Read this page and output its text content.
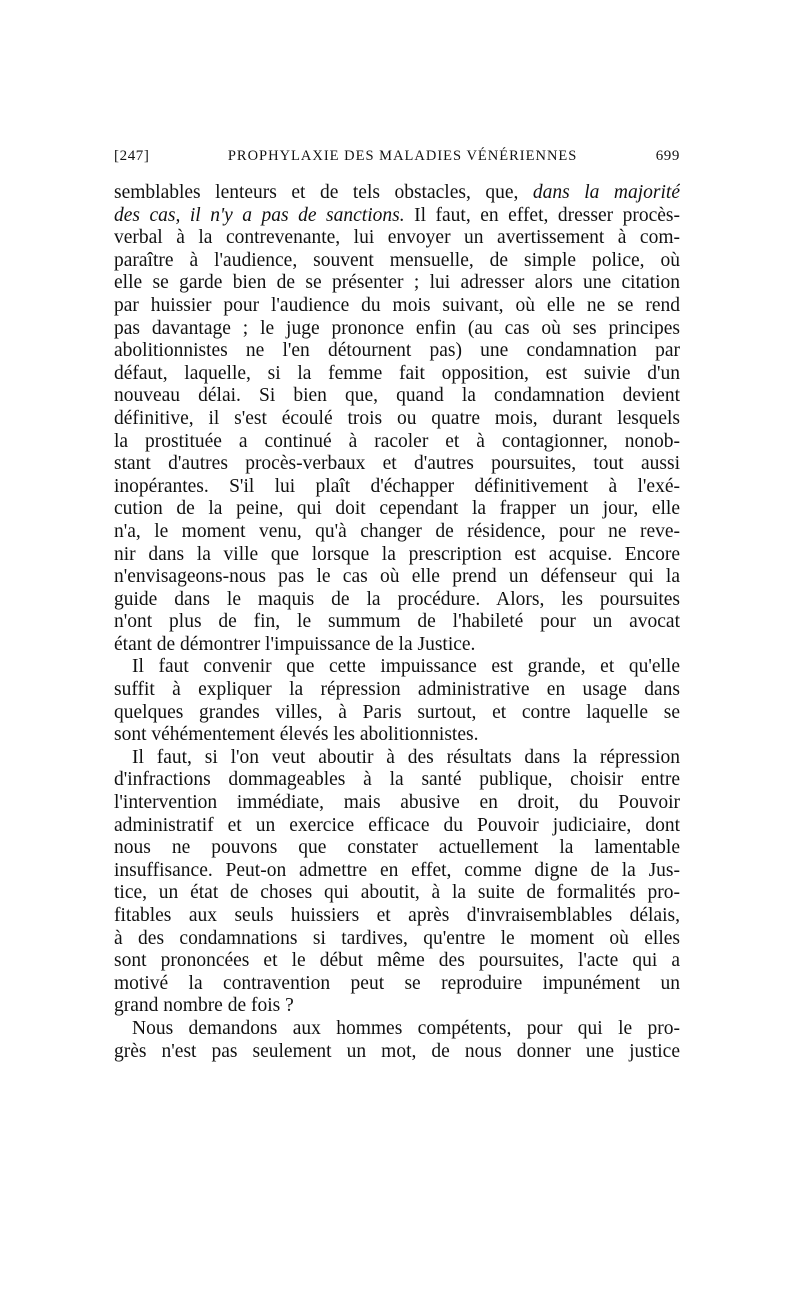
[247]	PROPHYLAXIE DES MALADIES VÉNÉRIENNES	699
semblables lenteurs et de tels obstacles, que, dans la majorité
des cas, il n'y a pas de sanctions. Il faut, en effet, dresser procès-
verbal à la contrevenante, lui envoyer un avertissement à com-
paraître à l'audience, souvent mensuelle, de simple police, où
elle se garde bien de se présenter ; lui adresser alors une citation
par huissier pour l'audience du mois suivant, où elle ne se rend
pas davantage ; le juge prononce enfin (au cas où ses principes
abolitionnistes ne l'en détournent pas) une condamnation par
défaut, laquelle, si la femme fait opposition, est suivie d'un
nouveau délai. Si bien que, quand la condamnation devient
définitive, il s'est écoulé trois ou quatre mois, durant lesquels
la prostituée a continué à racoler et à contagionner, nonob-
stant d'autres procès-verbaux et d'autres poursuites, tout aussi
inopérantes. S'il lui plaît d'échapper définitivement à l'exé-
cution de la peine, qui doit cependant la frapper un jour, elle
n'a, le moment venu, qu'à changer de résidence, pour ne reve-
nir dans la ville que lorsque la prescription est acquise. Encore
n'envisageons-nous pas le cas où elle prend un défenseur qui la
guide dans le maquis de la procédure. Alors, les poursuites
n'ont plus de fin, le summum de l'habileté pour un avocat
étant de démontrer l'impuissance de la Justice.
Il faut convenir que cette impuissance est grande, et qu'elle
suffit à expliquer la répression administrative en usage dans
quelques grandes villes, à Paris surtout, et contre laquelle se
sont véhémentement élevés les abolitionnistes.
Il faut, si l'on veut aboutir à des résultats dans la répression
d'infractions dommageables à la santé publique, choisir entre
l'intervention immédiate, mais abusive en droit, du Pouvoir
administratif et un exercice efficace du Pouvoir judiciaire, dont
nous ne pouvons que constater actuellement la lamentable
insuffisance. Peut-on admettre en effet, comme digne de la Jus-
tice, un état de choses qui aboutit, à la suite de formalités pro-
fitables aux seuls huissiers et après d'invraisemblables délais,
à des condamnations si tardives, qu'entre le moment où elles
sont prononcées et le début même des poursuites, l'acte qui a
motivé la contravention peut se reproduire impunément un
grand nombre de fois ?
Nous demandons aux hommes compétents, pour qui le pro-
grès n'est pas seulement un mot, de nous donner une justice
